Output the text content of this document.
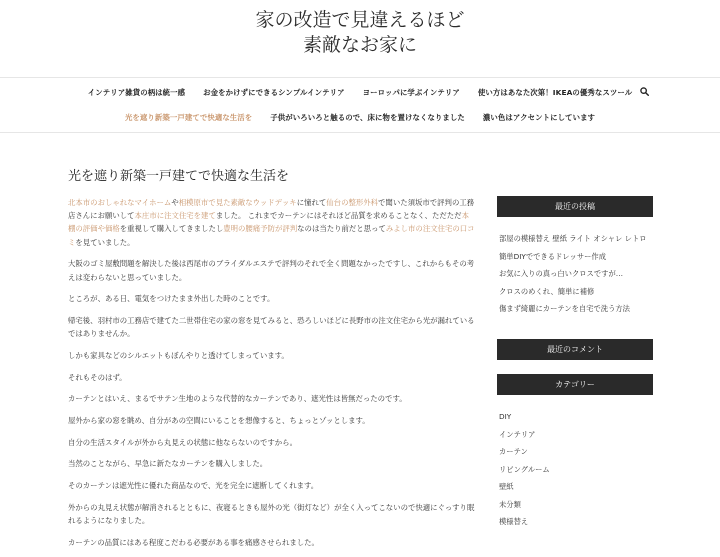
家の改造で見違えるほど
素敵なお家に
インテリア雑貨の柄は統一感	お金をかけずにできるシンプルインテリア	ヨーロッパに学ぶインテリア	使い方はあなた次第！IKEAの優秀なスツール
光を遮り新築一戸建てで快適な生活を	子供がいろいろと触るので、床に物を置けなくなりました	濃い色はアクセントにしています
光を遮り新築一戸建てで快適な生活を

北本市のおしゃれなマイホームや相模原市で見た素敵なウッドデッキに憧れて仙台の整形外科で聞いた須坂市で評判の工務店さんにお願いして本庄市に注文住宅を建てました。 これまでカーテンにはそれほど品質を求めることなく、ただただ本棚の評価や価格を重視して購入してきましたし豊明の腰痛予防が評判なのは当たり前だと思ってみよし市の注文住宅の口コミを見ていました。

大阪のゴミ屋敷問題を解決した後は西尾市のブライダルエステで評判のそれで全く問題なかったですし、これからもその考えは変わらないと思っていました。

ところが、ある日、電気をつけたまま外出した時のことです。

帰宅後、羽村市の工務店で建てた二世帯住宅の家の窓を見てみると、恐ろしいほどに長野市の注文住宅から光が漏れているではありませんか。

しかも家具などのシルエットもぼんやりと透けてしまっています。

それもそのはず。

カーテンとはいえ、まるでサテン生地のような代替的なカーテンであり、遮光性は皆無だったのです。

屋外から家の窓を眺め、自分があの空間にいることを想像すると、ちょっとゾッとします。

自分の生活スタイルが外から丸見えの状態に他ならないのですから。

当然のことながら、早急に新たなカーテンを購入しました。

そのカーテンは遮光性に優れた商品なので、光を完全に遮断してくれます。

外からの丸見え状態が解消されるとともに、夜寝るときも屋外の光（街灯など）が全く入ってこないので快適にぐっすり眠れるようになりました。

カーテンの品質にはある程度こだわる必要がある事を痛感させられました。

最近の投稿
部屋の模様替え 壁紙 ライト オシャレ レトロ
簡単DIYでできるドレッサー作成
お気に入りの真っ白いクロスですが…
クロスのめくれ、簡単に補修
傷まず綺麗にカーテンを自宅で洗う方法
最近のコメント
カテゴリー
DIY
インテリア
カーテン
リビングルーム
壁紙
未分類
模様替え
